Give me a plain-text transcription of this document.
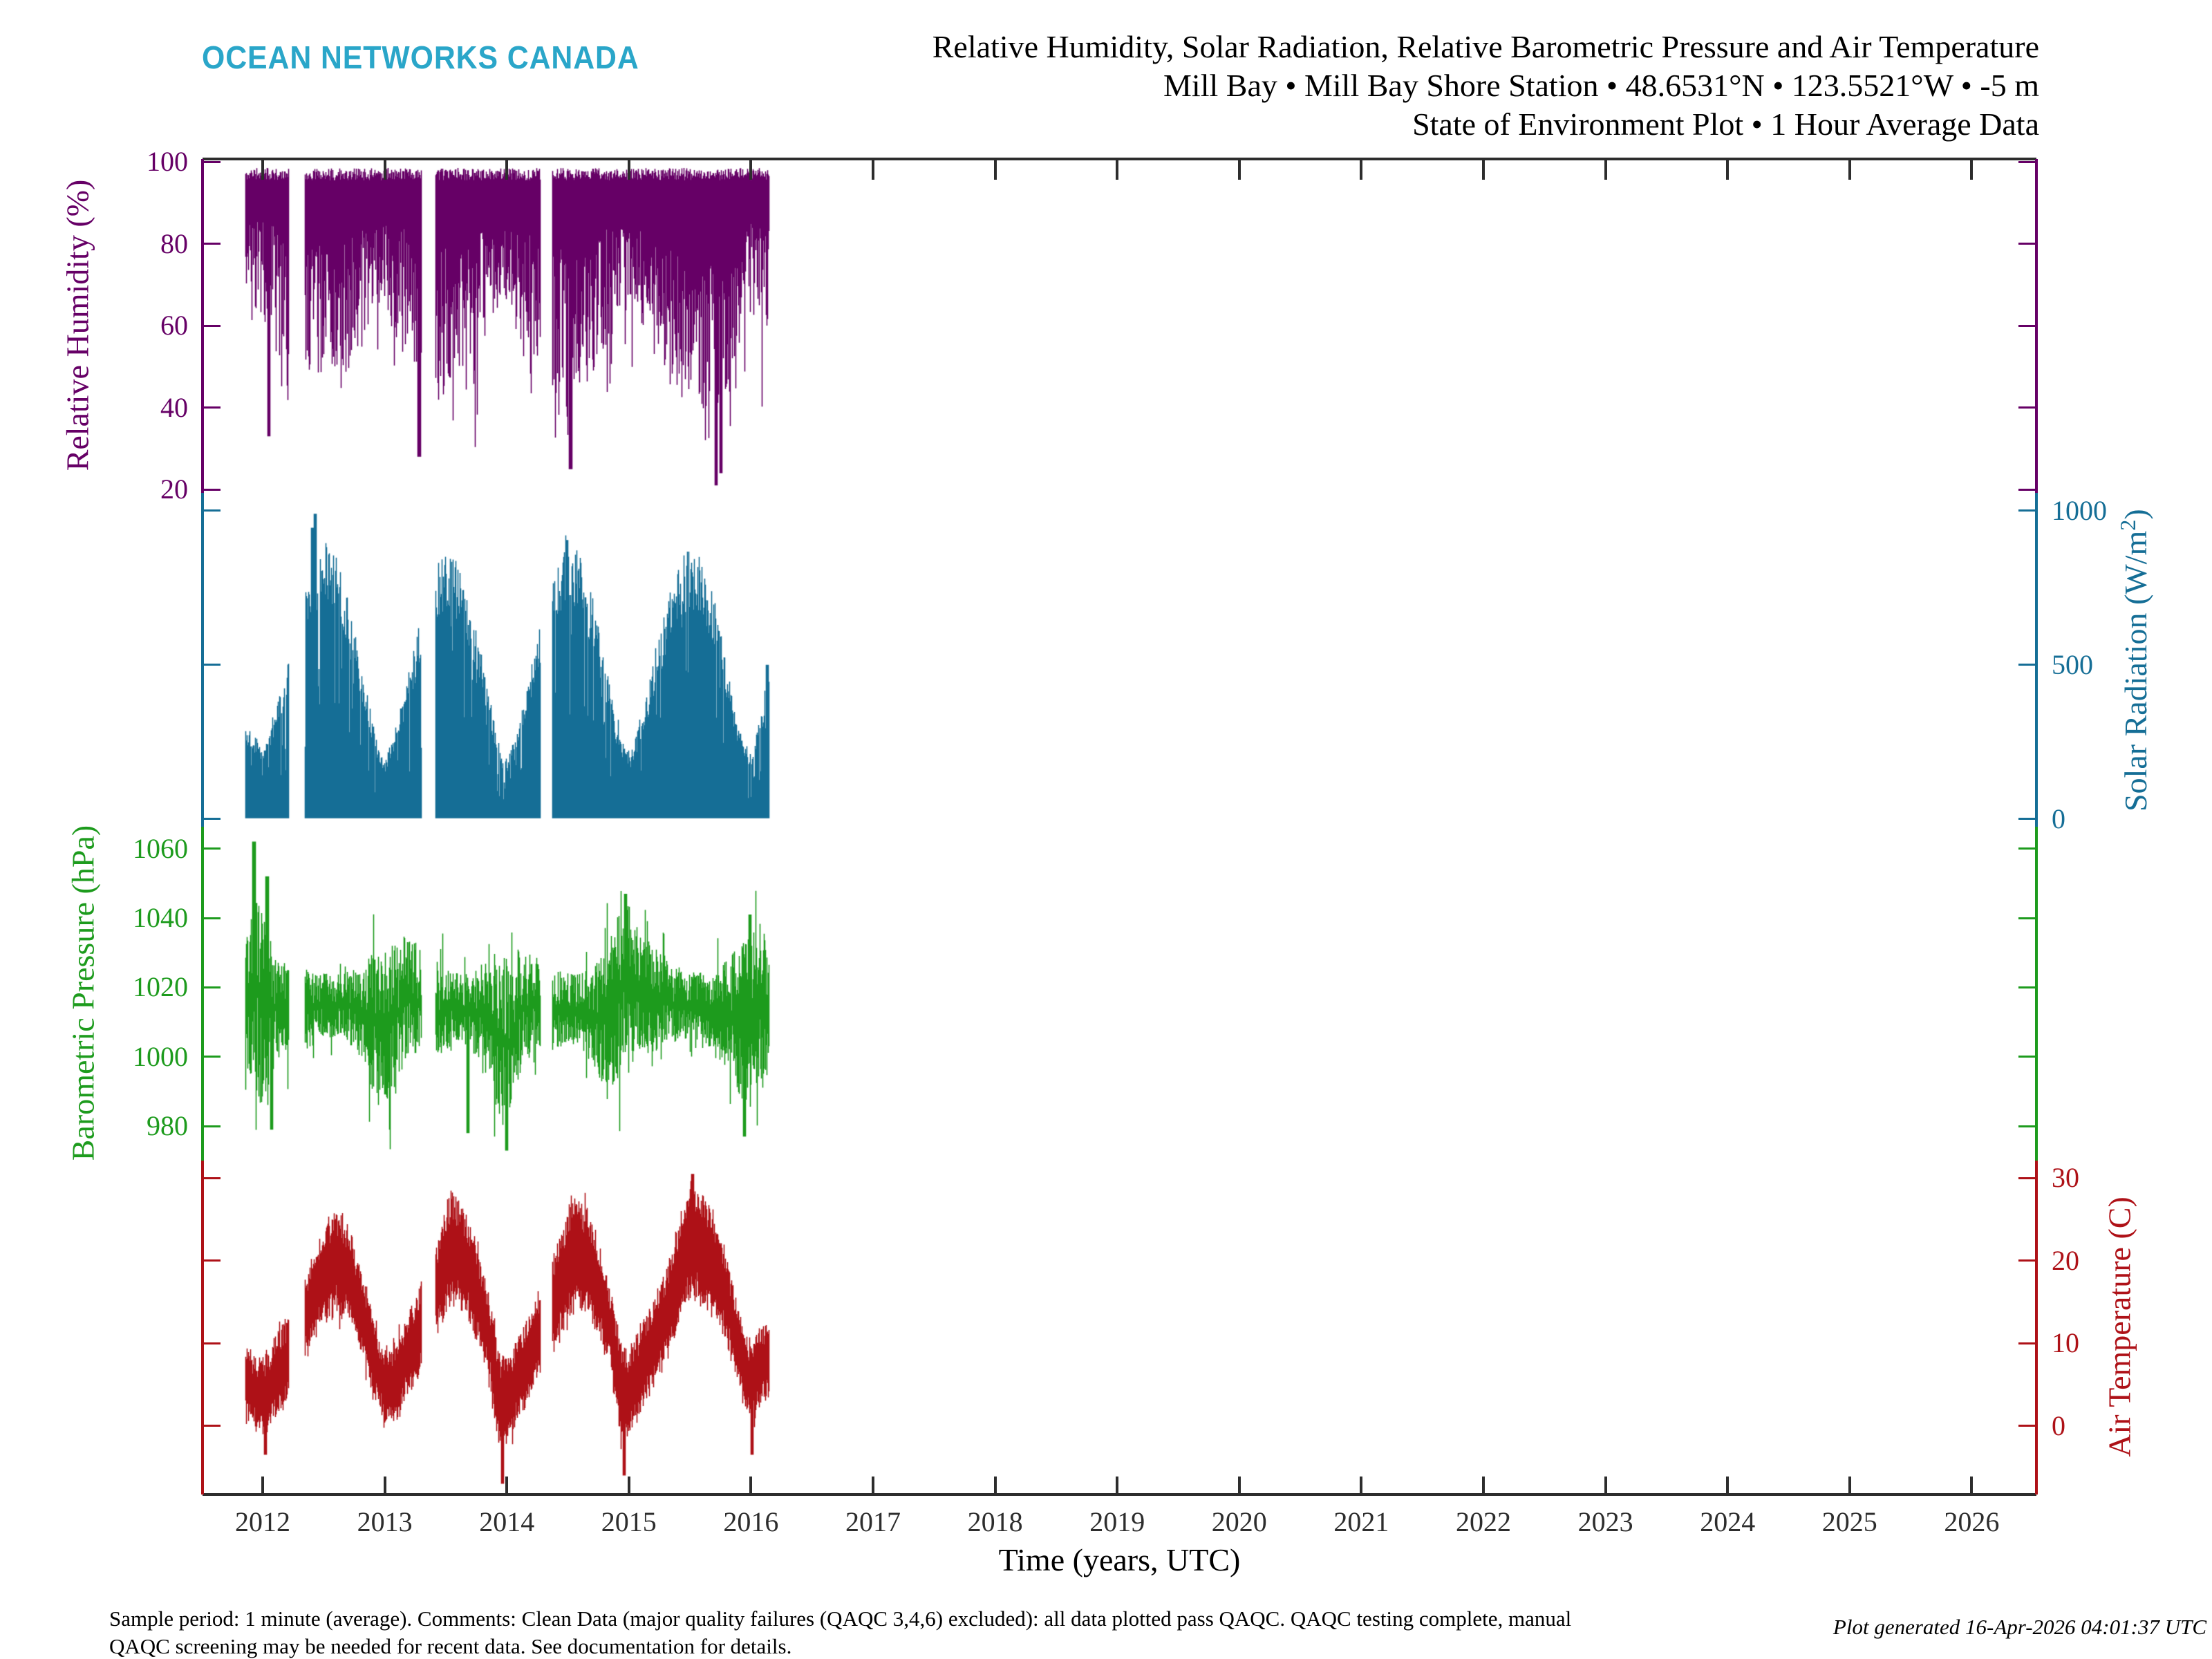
OCEAN NETWORKS CANADA	Relative Humidity, Solar Radiation, Relative Barometric Pressure and Air Temperature
Mill Bay • Mill Bay Shore Station • 48.6531°N • 123.5521°W • -5 m
State of Environment Plot • 1 Hour Average Data
100
80
60
40
20
1000
500
0
1060
1040
1020
1000
980
30
20
10
0
2012	2013	2014	2015	2016	2017	2018	2019	2020	2021	2022	2023	2024	2025	2026
Relative Humidity (%)
Solar Radiation $(W/m^2)$
Barometric Pressure (hPa)
Air Temperature (C)
Time (years, UTC)
Sample period: 1 minute (average). Comments: Clean Data (major quality failures (QAQC 3,4,6) excluded): all data plotted pass QAQC. QAQC testing complete, manual
QAQC screening may be needed for recent data. See documentation for details.
Plot generated 16-Apr-2026 04:01:37 UTC
